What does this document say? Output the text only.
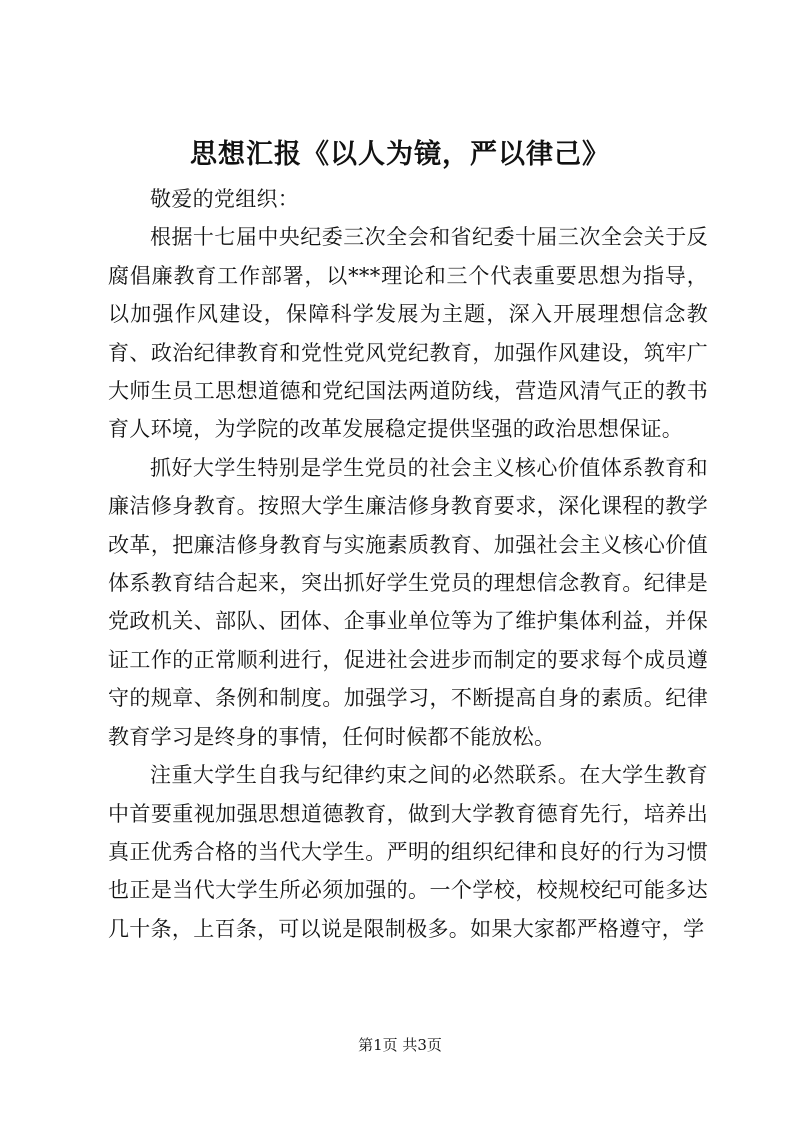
思想汇报《以人为镜，严以律己》

敬爱的党组织：

根据十七届中央纪委三次全会和省纪委十届三次全会关于反腐倡廉教育工作部署，以***理论和三个代表重要思想为指导，以加强作风建设，保障科学发展为主题，深入开展理想信念教育、政治纪律教育和党性党风党纪教育，加强作风建设，筑牢广大师生员工思想道德和党纪国法两道防线，营造风清气正的教书育人环境，为学院的改革发展稳定提供坚强的政治思想保证。

抓好大学生特别是学生党员的社会主义核心价值体系教育和廉洁修身教育。按照大学生廉洁修身教育要求，深化课程的教学改革，把廉洁修身教育与实施素质教育、加强社会主义核心价值体系教育结合起来，突出抓好学生党员的理想信念教育。纪律是党政机关、部队、团体、企事业单位等为了维护集体利益，并保证工作的正常顺利进行，促进社会进步而制定的要求每个成员遵守的规章、条例和制度。加强学习，不断提高自身的素质。纪律教育学习是终身的事情，任何时候都不能放松。

注重大学生自我与纪律约束之间的必然联系。在大学生教育中首要重视加强思想道德教育，做到大学教育德育先行，培养出真正优秀合格的当代大学生。严明的组织纪律和良好的行为习惯也正是当代大学生所必须加强的。一个学校，校规校纪可能多达几十条，上百条，可以说是限制极多。如果大家都严格遵守，学

第1页 共3页
